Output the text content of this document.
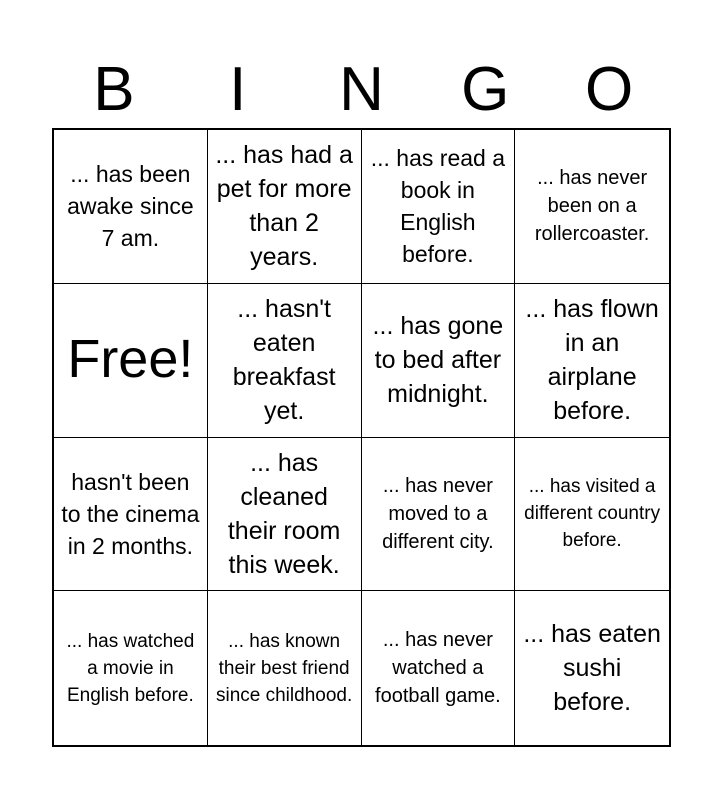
B	I	N	G	O
... has been awake since 7 am.
... has had a pet for more than 2 years.
... has read a book in English before.
... has never been on a rollercoaster.
Free!
... hasn't eaten breakfast yet.
... has gone to bed after midnight.
... has flown in an airplane before.
hasn't been to the cinema in 2 months.
... has cleaned their room this week.
... has never moved to a different city.
... has visited a different country before.
... has watched a movie in English before.
... has known their best friend since childhood.
... has never watched a football game.
... has eaten sushi before.
